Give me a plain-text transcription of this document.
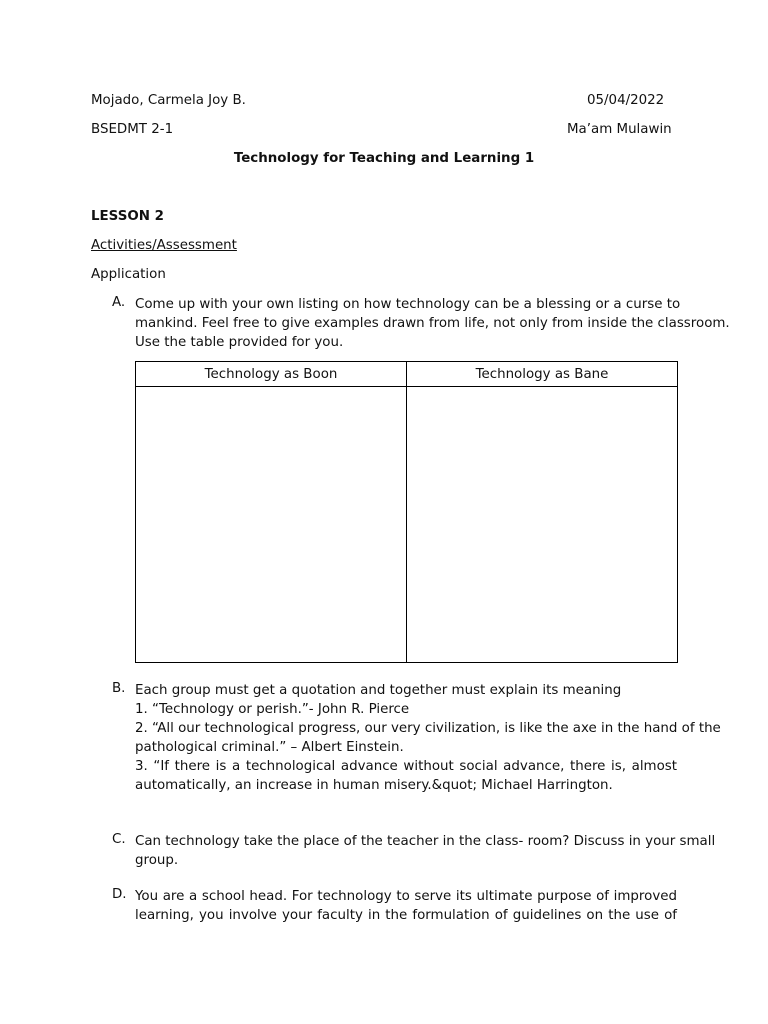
Mojado, Carmela Joy B.	05/04/2022
BSEDMT 2-1	Ma’am Mulawin
Technology for Teaching and Learning 1
LESSON 2
Activities/Assessment
Application
A. Come up with your own listing on how technology can be a blessing or a curse to
mankind. Feel free to give examples drawn from life, not only from inside the classroom.
Use the table provided for you.
Technology as Boon	Technology as Bane

B. Each group must get a quotation and together must explain its meaning
1. “Technology or perish.”- John R. Pierce
2. “All our technological progress, our very civilization, is like the axe in the hand of the
pathological criminal.” – Albert Einstein.
3. “If there is a technological advance without social advance, there is, almost
automatically, an increase in human misery.&quot; Michael Harrington.
C. Can technology take the place of the teacher in the class- room? Discuss in your small
group.
D. You are a school head. For technology to serve its ultimate purpose of improved
learning, you involve your faculty in the formulation of guidelines on the use of
